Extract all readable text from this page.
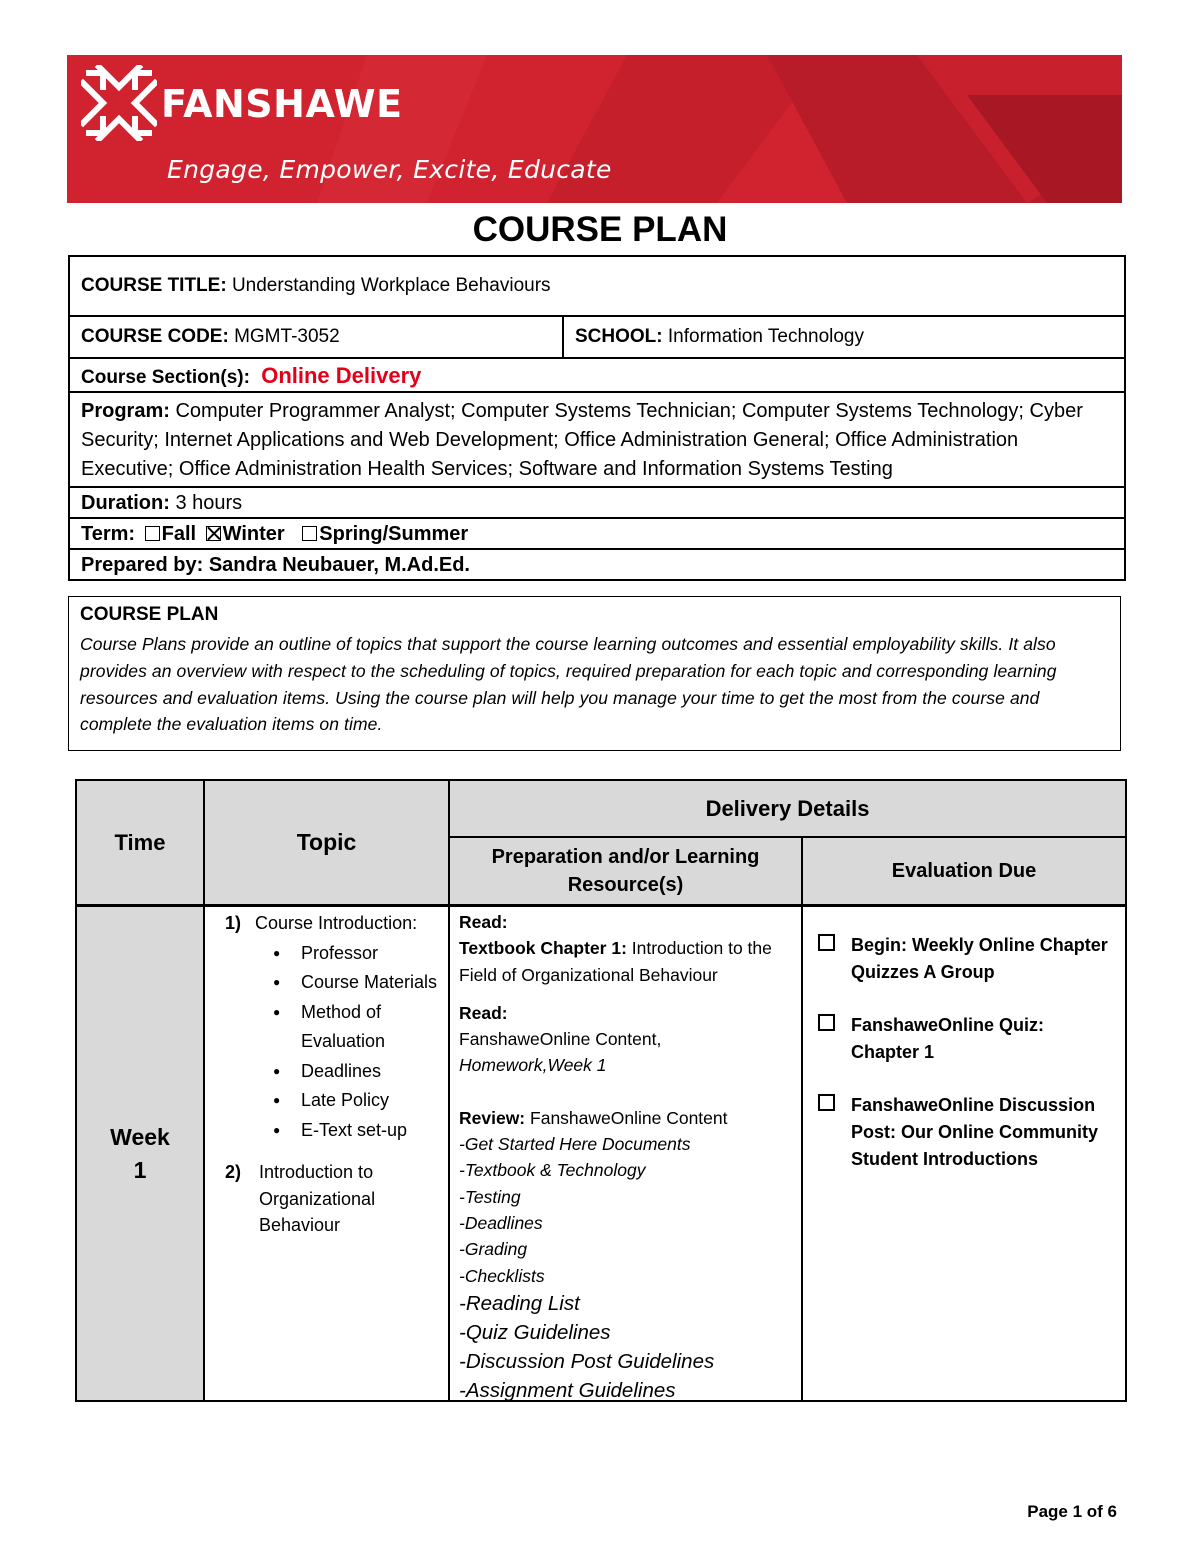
FANSHAWE
Engage, Empower, Excite, Educate
COURSE PLAN
COURSE TITLE: Understanding Workplace Behaviours
COURSE CODE: MGMT-3052	SCHOOL: Information Technology
Course Section(s): Online Delivery
Program: Computer Programmer Analyst; Computer Systems Technician; Computer Systems Technology; Cyber Security; Internet Applications and Web Development; Office Administration General; Office Administration Executive; Office Administration Health Services; Software and Information Systems Testing
Duration: 3 hours
Term: Fall Winter Spring/Summer
Prepared by: Sandra Neubauer, M.Ad.Ed.
COURSE PLAN
Course Plans provide an outline of topics that support the course learning outcomes and essential employability skills. It also provides an overview with respect to the scheduling of topics, required preparation for each topic and corresponding learning resources and evaluation items. Using the course plan will help you manage your time to get the most from the course and complete the evaluation items on time.
Time	Topic
Delivery Details
Preparation and/or Learning Resource(s)
Evaluation Due
Week
1
1) Course Introduction:
● Professor
● Course Materials
● Method of Evaluation
● Deadlines
● Late Policy
● E-Text set-up
2) Introduction to Organizational Behaviour
Read:
Textbook Chapter 1: Introduction to the Field of Organizational Behaviour
Read:
FanshaweOnline Content,
Homework,Week 1
Review: FanshaweOnline Content
-Get Started Here Documents
-Textbook & Technology
-Testing
-Deadlines
-Grading
-Checklists
-Reading List
-Quiz Guidelines
-Discussion Post Guidelines
-Assignment Guidelines
Begin: Weekly Online Chapter Quizzes A Group
FanshaweOnline Quiz: Chapter 1
FanshaweOnline Discussion Post: Our Online Community Student Introductions
Page 1 of 6
